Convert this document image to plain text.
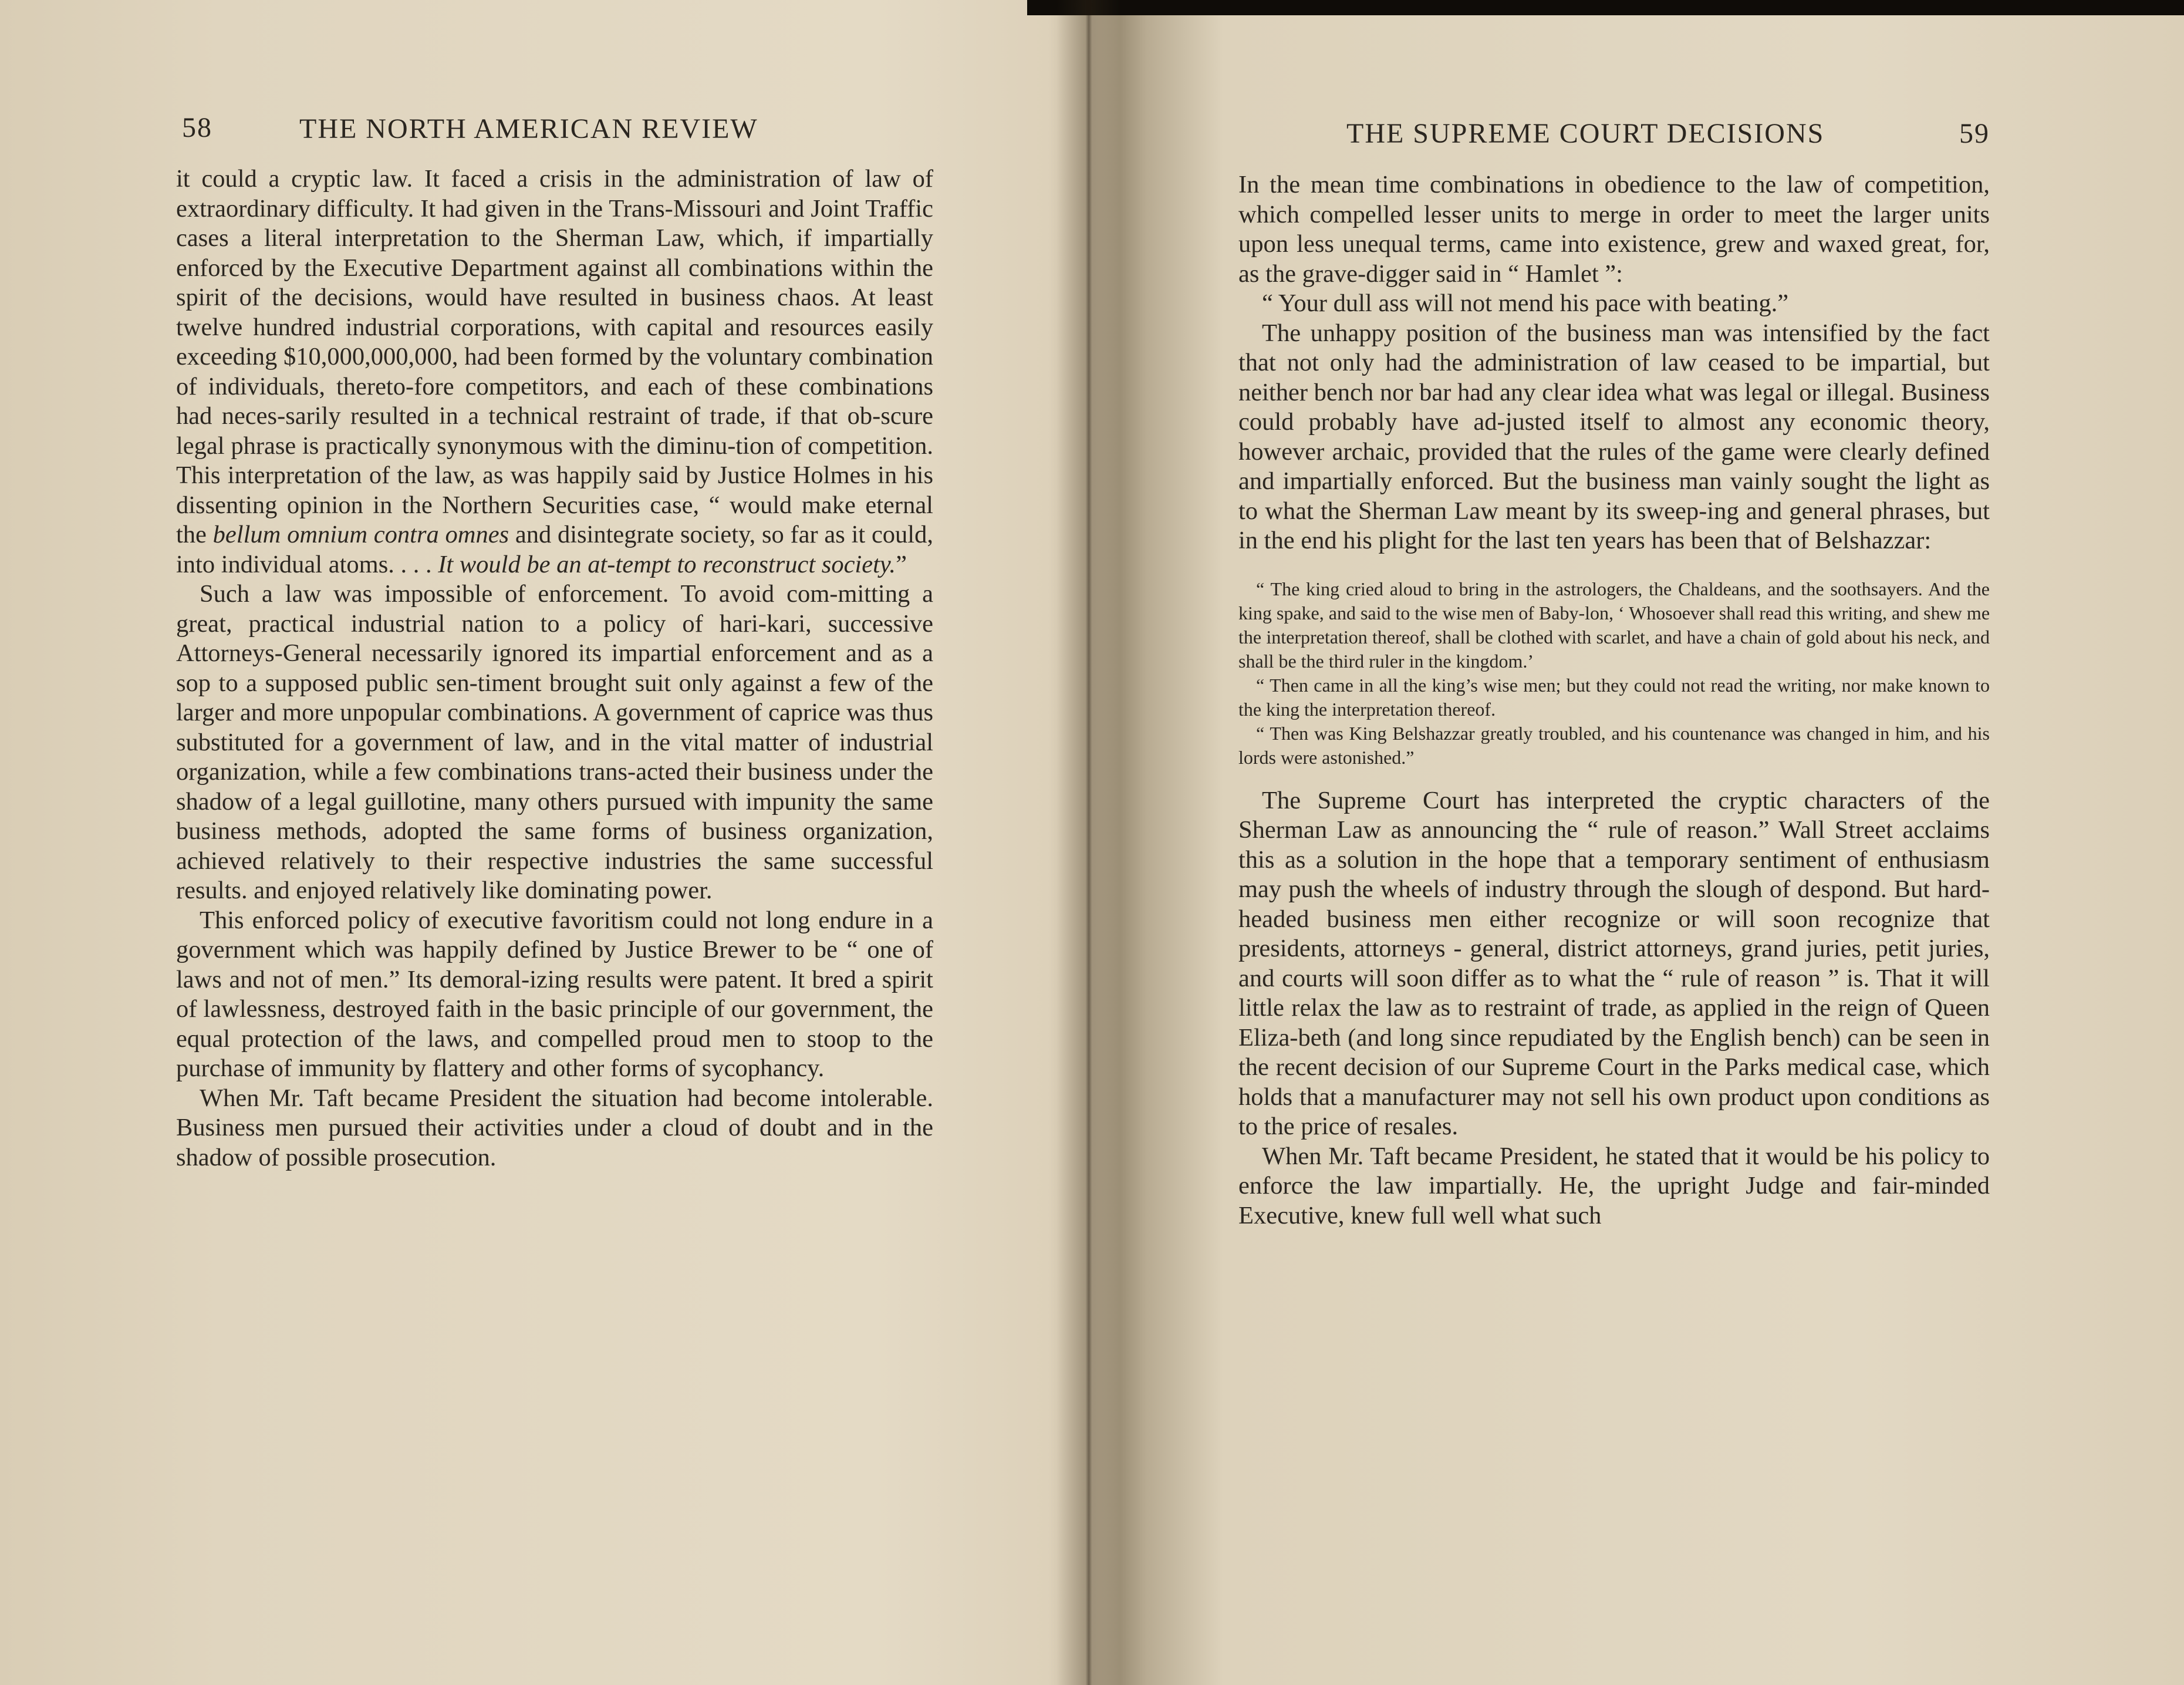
58	THE NORTH AMERICAN REVIEW

it could a cryptic law. It faced a crisis in the administration of law of extraordinary difficulty. It had given in the Trans-Missouri and Joint Traffic cases a literal interpretation to the Sherman Law, which, if impartially enforced by the Executive Department against all combinations within the spirit of the decisions, would have resulted in business chaos. At least twelve hundred industrial corporations, with capital and resources easily exceeding $10,000,000,000, had been formed by the voluntary combination of individuals, thereto-fore competitors, and each of these combinations had neces-sarily resulted in a technical restraint of trade, if that ob-scure legal phrase is practically synonymous with the diminu-tion of competition. This interpretation of the law, as was happily said by Justice Holmes in his dissenting opinion in the Northern Securities case, “ would make eternal the bellum omnium contra omnes and disintegrate society, so far as it could, into individual atoms. . . . It would be an at-tempt to reconstruct society.”

Such a law was impossible of enforcement. To avoid com-mitting a great, practical industrial nation to a policy of hari-kari, successive Attorneys-General necessarily ignored its impartial enforcement and as a sop to a supposed public sen-timent brought suit only against a few of the larger and more unpopular combinations. A government of caprice was thus substituted for a government of law, and in the vital matter of industrial organization, while a few combinations trans-acted their business under the shadow of a legal guillotine, many others pursued with impunity the same business methods, adopted the same forms of business organization, achieved relatively to their respective industries the same successful results. and enjoyed relatively like dominating power.

This enforced policy of executive favoritism could not long endure in a government which was happily defined by Justice Brewer to be “ one of laws and not of men.” Its demoral-izing results were patent. It bred a spirit of lawlessness, destroyed faith in the basic principle of our government, the equal protection of the laws, and compelled proud men to stoop to the purchase of immunity by flattery and other forms of sycophancy.

When Mr. Taft became President the situation had become intolerable. Business men pursued their activities under a cloud of doubt and in the shadow of possible prosecution.

THE SUPREME COURT DECISIONS	59

In the mean time combinations in obedience to the law of competition, which compelled lesser units to merge in order to meet the larger units upon less unequal terms, came into existence, grew and waxed great, for, as the grave-digger said in “ Hamlet ”:

“ Your dull ass will not mend his pace with beating.”

The unhappy position of the business man was intensified by the fact that not only had the administration of law ceased to be impartial, but neither bench nor bar had any clear idea what was legal or illegal. Business could probably have ad-justed itself to almost any economic theory, however archaic, provided that the rules of the game were clearly defined and impartially enforced. But the business man vainly sought the light as to what the Sherman Law meant by its sweep-ing and general phrases, but in the end his plight for the last ten years has been that of Belshazzar:

“ The king cried aloud to bring in the astrologers, the Chaldeans, and the soothsayers. And the king spake, and said to the wise men of Baby-lon, ‘ Whosoever shall read this writing, and shew me the interpretation thereof, shall be clothed with scarlet, and have a chain of gold about his neck, and shall be the third ruler in the kingdom.’

“ Then came in all the king’s wise men; but they could not read the writing, nor make known to the king the interpretation thereof.

“ Then was King Belshazzar greatly troubled, and his countenance was changed in him, and his lords were astonished.”

The Supreme Court has interpreted the cryptic characters of the Sherman Law as announcing the “ rule of reason.” Wall Street acclaims this as a solution in the hope that a temporary sentiment of enthusiasm may push the wheels of industry through the slough of despond. But hard-headed business men either recognize or will soon recognize that presidents, attorneys - general, district attorneys, grand juries, petit juries, and courts will soon differ as to what the “ rule of reason ” is. That it will little relax the law as to restraint of trade, as applied in the reign of Queen Eliza-beth (and long since repudiated by the English bench) can be seen in the recent decision of our Supreme Court in the Parks medical case, which holds that a manufacturer may not sell his own product upon conditions as to the price of resales.

When Mr. Taft became President, he stated that it would be his policy to enforce the law impartially. He, the upright Judge and fair-minded Executive, knew full well what such
